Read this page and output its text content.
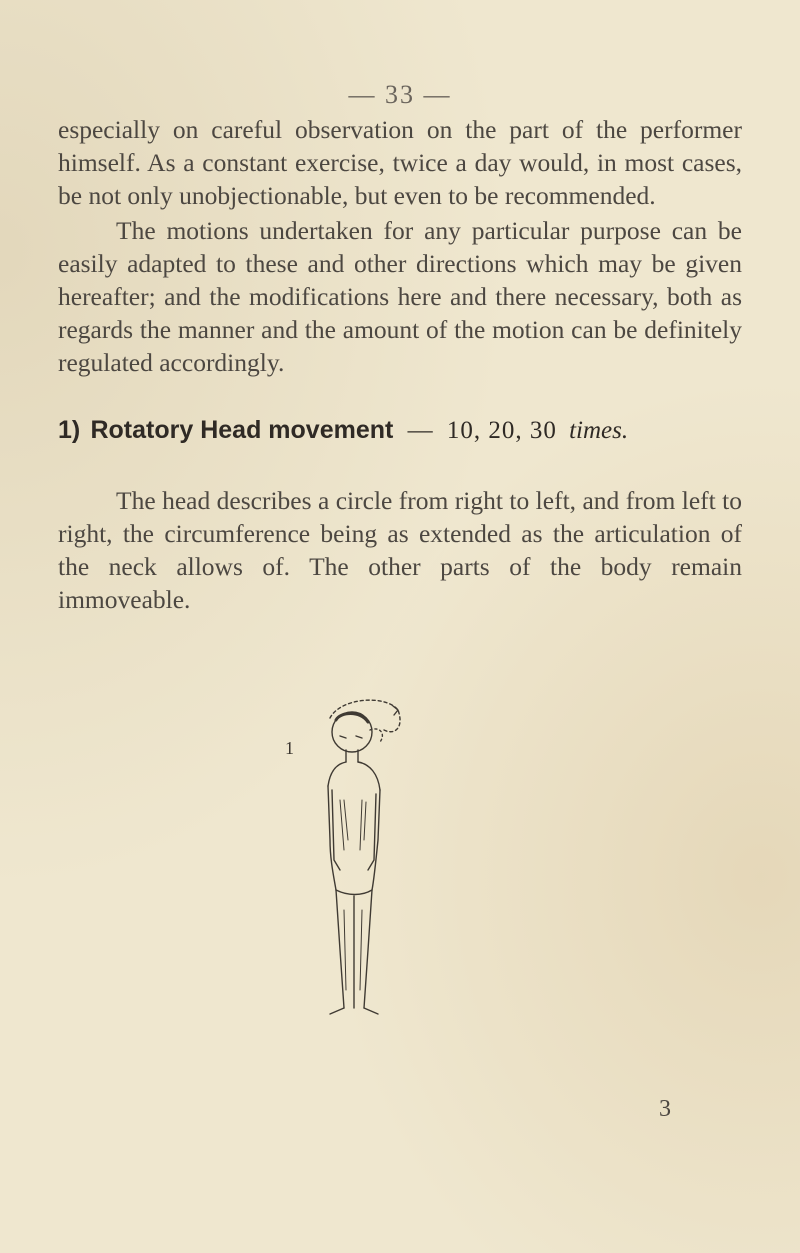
— 33 —

especially on careful observation on the part of the performer himself. As a constant exercise, twice a day would, in most cases, be not only unobjectionable, but even to be recommended.

The motions undertaken for any particular purpose can be easily adapted to these and other directions which may be given hereafter; and the modifications here and there necessary, both as regards the manner and the amount of the motion can be definitely regulated accordingly.

1) Rotatory Head movement — 10, 20, 30 times.

The head describes a circle from right to left, and from left to right, the circumference being as extended as the articulation of the neck allows of. The other parts of the body remain immoveable.

1
3
